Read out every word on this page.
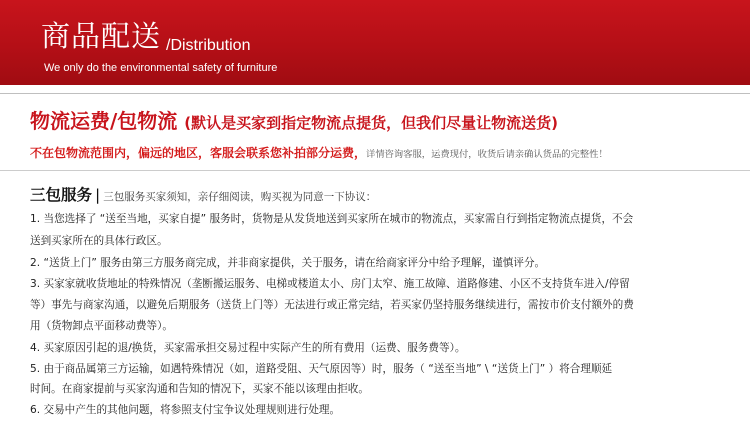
商品配送 /Distribution
We only do the environmental safety of furniture
物流运费/包物流 (默认是买家到指定物流点提货，但我们尽量让物流送货)
不在包物流范围内，偏远的地区，客服会联系您补拍部分运费，详情咨询客服，运费现付，收货后请亲确认货品的完整性！
三包服务 | 三包服务买家须知，亲仔细阅读，购买视为同意一下协议：
1. 当您选择了 “送至当地，买家自提” 服务时，货物是从发货地送到买家所在城市的物流点，买家需自行到指定物流点提货，不会
送到买家所在的具体行政区。
2. “送货上门” 服务由第三方服务商完成，并非商家提供，关于服务，请在给商家评分中给予理解，谨慎评分。
3. 买家家就收货地址的特殊情况（垄断搬运服务、电梯或楼道太小、房门太窄、施工故障、道路修建、小区不支持货车进入/停留
等）事先与商家沟通，以避免后期服务（送货上门等）无法进行或正常完结，若买家仍坚持服务继续进行，需按市价支付额外的费
用（货物卸点平面移动费等）。
4. 买家原因引起的退/换货，买家需承担交易过程中实际产生的所有费用（运费、服务费等）。
5. 由于商品属第三方运输，如遇特殊情况（如，道路受阻、天气原因等）时，服务（ “送至当地” \ “送货上门” ）将合理顺延
时间。在商家提前与买家沟通和告知的情况下，买家不能以该理由拒收。
6. 交易中产生的其他问题，将参照支付宝争议处理规则进行处理。
